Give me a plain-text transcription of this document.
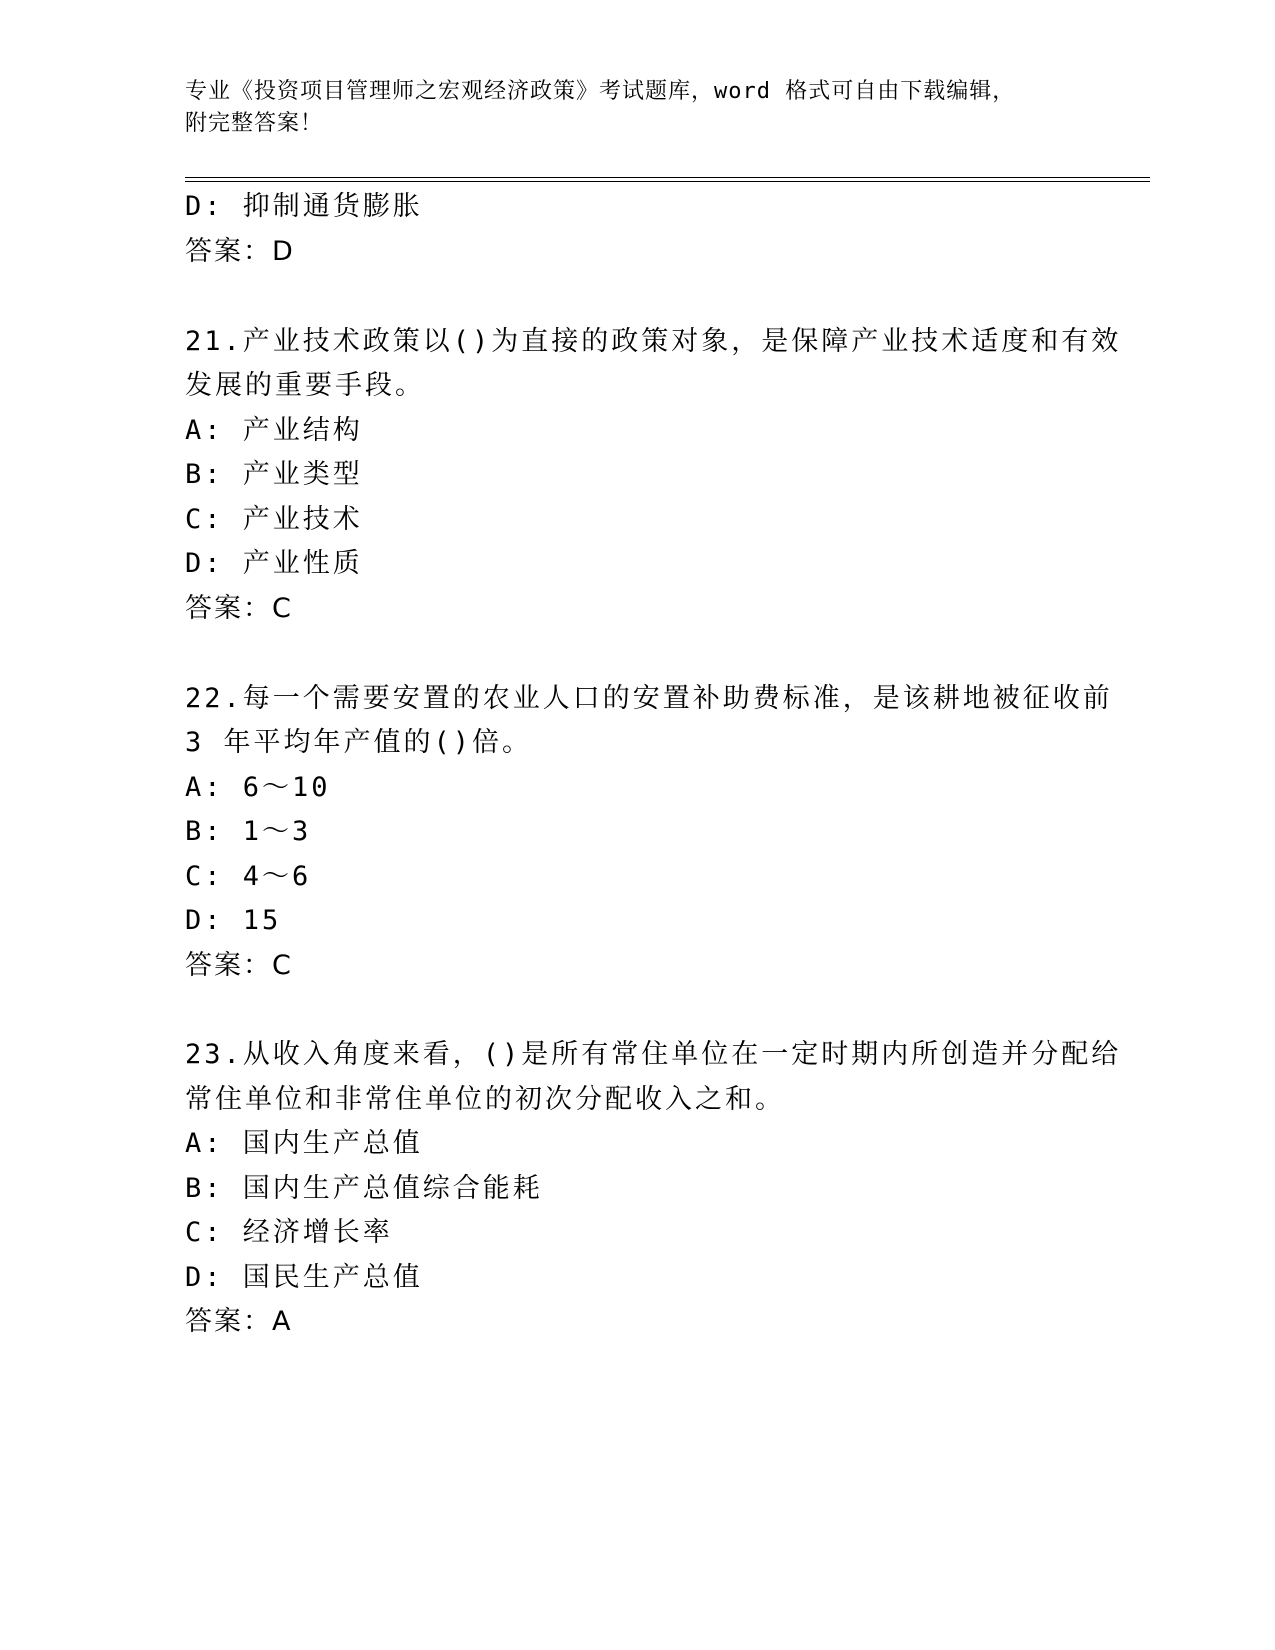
专业《投资项目管理师之宏观经济政策》考试题库，word 格式可自由下载编辑，
附完整答案！
D: 抑制通货膨胀
答案：D
21.产业技术政策以()为直接的政策对象，是保障产业技术适度和有效
发展的重要手段。
A: 产业结构
B: 产业类型
C: 产业技术
D: 产业性质
答案：C
22.每一个需要安置的农业人口的安置补助费标准，是该耕地被征收前
3 年平均年产值的()倍。
A: 6～10
B: 1～3
C: 4～6
D: 15
答案：C
23.从收入角度来看，()是所有常住单位在一定时期内所创造并分配给
常住单位和非常住单位的初次分配收入之和。
A: 国内生产总值
B: 国内生产总值综合能耗
C: 经济增长率
D: 国民生产总值
答案：A
